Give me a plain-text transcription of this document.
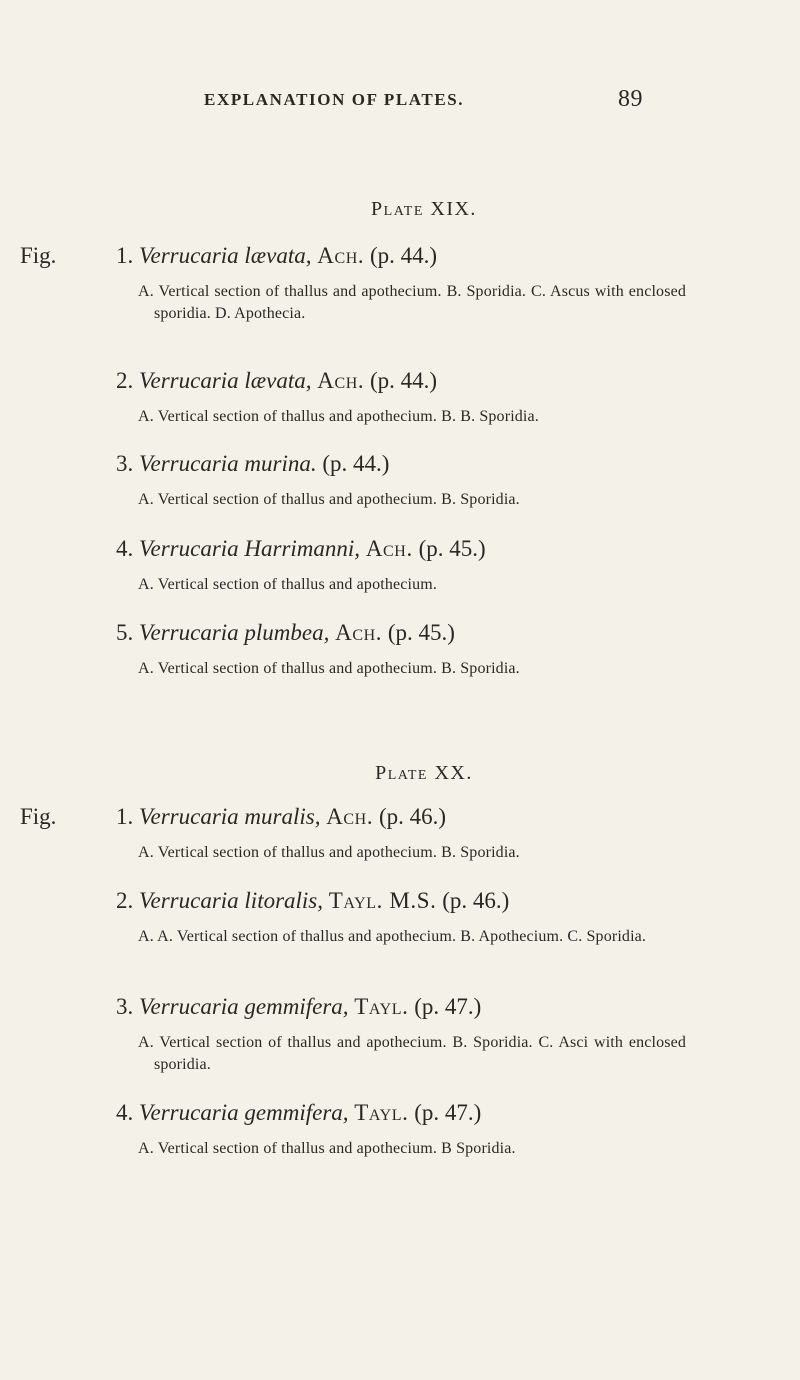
EXPLANATION OF PLATES.	89
Plate XIX.
Fig.	1. Verrucaria lævata, Ach. (p. 44.)
A. Vertical section of thallus and apothecium. B. Sporidia. C. Ascus with enclosed sporidia. D. Apothecia.
2. Verrucaria lævata, Ach. (p. 44.)
A. Vertical section of thallus and apothecium. B. B. Sporidia.
3. Verrucaria murina. (p. 44.)
A. Vertical section of thallus and apothecium. B. Sporidia.
4. Verrucaria Harrimanni, Ach. (p. 45.)
A. Vertical section of thallus and apothecium.
5. Verrucaria plumbea, Ach. (p. 45.)
A. Vertical section of thallus and apothecium. B. Sporidia.
Plate XX.
Fig.	1. Verrucaria muralis, Ach. (p. 46.)
A. Vertical section of thallus and apothecium. B. Sporidia.
2. Verrucaria litoralis, Tayl. M.S. (p. 46.)
A. A. Vertical section of thallus and apothecium. B. Apothecium. C. Sporidia.
3. Verrucaria gemmifera, Tayl. (p. 47.)
A. Vertical section of thallus and apothecium. B. Sporidia. C. Asci with enclosed sporidia.
4. Verrucaria gemmifera, Tayl. (p. 47.)
A. Vertical section of thallus and apothecium. B Sporidia.
